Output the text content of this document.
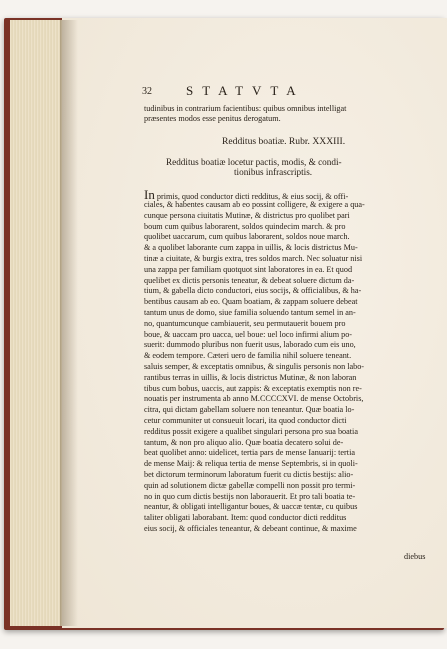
32	STATVTA
tudinibus in contrarium facientibus: quibus omnibus intelligat
præsentes modos esse penitus derogatum.
Redditus boatiæ. Rubr. XXXIII.
Redditus boatiæ locetur pactis, modis, & condi-
tionibus infrascriptis.
In primis, quod conductor dicti redditus, & eius socij, & offi-
ciales, & habentes causam ab eo possint colligere, & exigere a qua-
cunque persona ciuitatis Mutinæ, & districtus pro quolibet pari
boum cum quibus laborarent, soldos quindecim march. & pro
quolibet uaccarum, cum quibus laborarent, soldos noue march.
& a quolibet laborante cum zappa in uillis, & locis districtus Mu-
tinæ a ciuitate, & burgis extra, tres soldos march. Nec soluatur nisi
una zappa per familiam quotquot sint laboratores in ea. Et quod
quelibet ex dictis personis teneatur, & debeat soluere dictum da-
tium, & gabella dicto conductori, eius socijs, & officialibus, & ha-
bentibus causam ab eo. Quam boatiam, & zappam soluere debeat
tantum unus de domo, siue familia soluendo tantum semel in an-
no, quantumcunque cambiauerit, seu permutauerit bouem pro
boue, & uaccam pro uacca, uel boue: uel loco infirmi alium po-
suerit: dummodo pluribus non fuerit usus, laborado cum eis uno,
& eodem tempore. Cæteri uero de familia nihil soluere teneant.
saluis semper, & exceptatis omnibus, & singulis personis non labo-
rantibus terras in uillis, & locis districtus Mutinæ, & non laboran
tibus cum bobus, uaccis, aut zappis: & exceptatis exemptis non re-
nouatis per instrumenta ab anno M.CCCCXVI. de mense Octobris,
citra, qui dictam gabellam soluere non teneantur. Quæ boatia lo-
cetur communiter ut consueuit locari, ita quod conductor dicti
redditus possit exigere a qualibet singulari persona pro sua boatia
tantum, & non pro aliquo alio. Quæ boatia decatero solui de-
beat quolibet anno: uidelicet, tertia pars de mense Ianuarij: tertia
de mense Maij: & reliqua tertia de mense Septembris, si in quoli-
bet dictorum terminorum laboratum fuerit cu dictis bestijs: alio-
quin ad solutionem dictæ gabellæ compelli non possit pro termi-
no in quo cum dictis bestijs non laborauerit. Et pro tali boatia te-
neantur, & obligati intelligantur boues, & uaccæ tentæ, cu quibus
taliter obligati laborabant. Item: quod conductor dicti redditus
eius socij, & officiales teneantur, & debeant continue, & maxime
diebus
